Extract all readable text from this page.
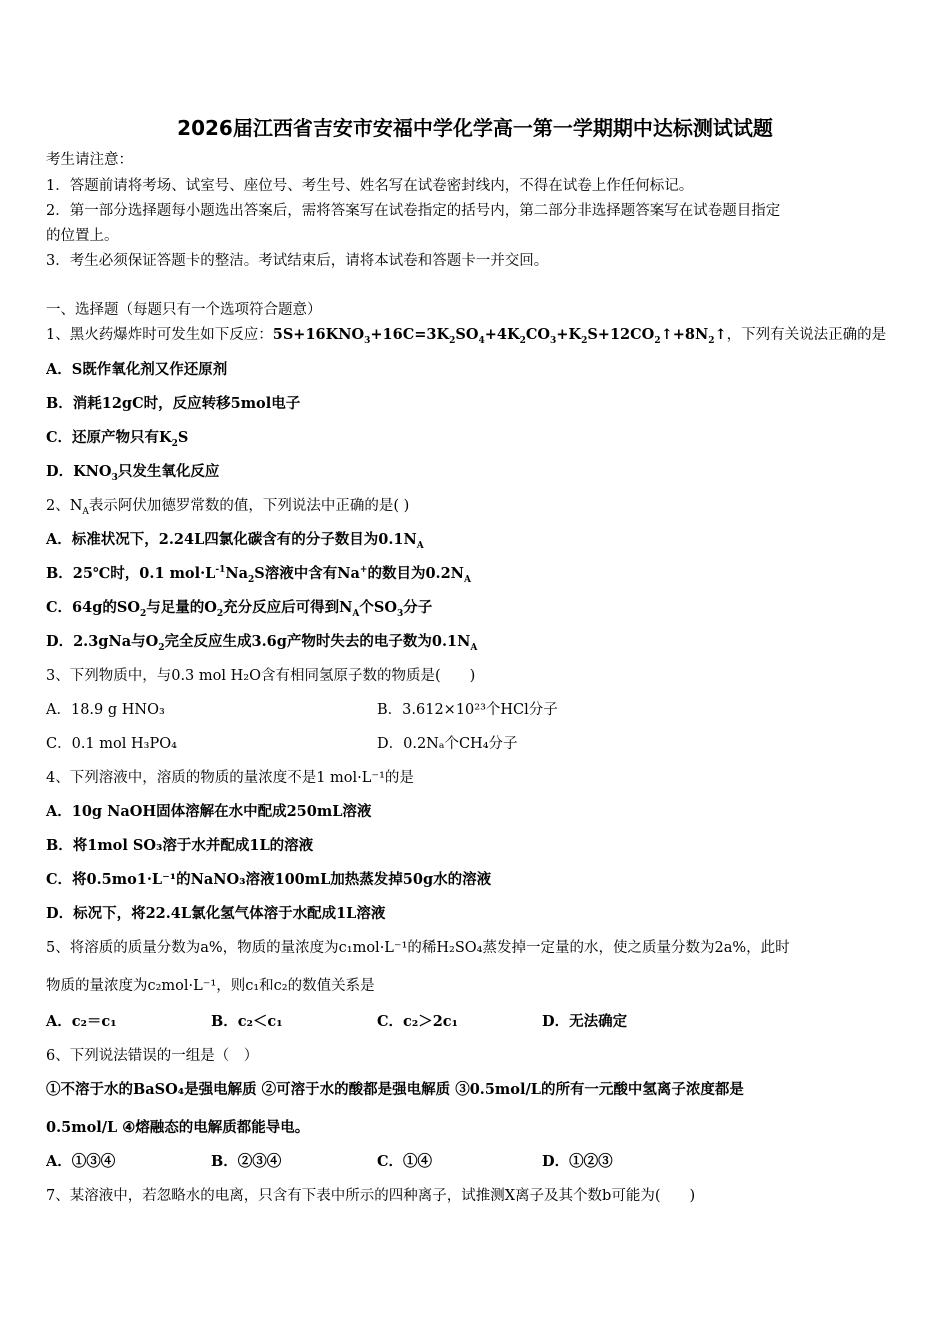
2026届江西省吉安市安福中学化学高一第一学期期中达标测试试题
考生请注意：
1．答题前请将考场、试室号、座位号、考生号、姓名写在试卷密封线内，不得在试卷上作任何标记。
2．第一部分选择题每小题选出答案后，需将答案写在试卷指定的括号内，第二部分非选择题答案写在试卷题目指定
的位置上。
3．考生必须保证答题卡的整洁。考试结束后，请将本试卷和答题卡一并交回。
一、选择题（每题只有一个选项符合题意）
1、黑火药爆炸时可发生如下反应：$5S+16KNO_3+16C=3K_2SO_4+4K_2CO_3+K_2S+12CO_2↑+8N_2↑$，下列有关说法正确的是
A．S既作氧化剂又作还原剂
B．消耗12gC时，反应转移5mol电子
C．还原产物只有$K_2S$
D．$KNO_3$只发生氧化反应
2、$N_A$表示阿伏加德罗常数的值，下列说法中正确的是( )
A．标准状况下，2.24L四氯化碳含有的分子数目为$0.1N_A$
B．25℃时，0.1 $mol\cdot L^{-1}Na_2S$溶液中含有Na+的数目为$0.2N_A$
C．64g的$SO_2$与足量的$O_2$充分反应后可得到$N_A$个$SO_3$分子
D．2.3gNa与$O_2$完全反应生成3.6g产物时失去的电子数为$0.1N_A$
3、下列物质中，与0.3 mol H₂O含有相同氢原子数的物质是(　　)
A．18.9 g HNO₃	B．3.612×10²³个HCl分子
C．0.1 mol H₃PO₄	D．0.2Nₐ个CH₄分子
4、下列溶液中，溶质的物质的量浓度不是1 mol·L⁻¹的是
A．10g NaOH固体溶解在水中配成250mL溶液
B．将1mol SO₃溶于水并配成1L的溶液
C．将0.5mo1·L⁻¹的NaNO₃溶液100mL加热蒸发掉50g水的溶液
D．标况下，将22.4L氯化氢气体溶于水配成1L溶液
5、将溶质的质量分数为a%，物质的量浓度为c₁mol·L⁻¹的稀H₂SO₄蒸发掉一定量的水，使之质量分数为2a%，此时
物质的量浓度为c₂mol·L⁻¹，则c₁和c₂的数值关系是
A．c₂＝c₁	B．c₂＜c₁	C．c₂＞2c₁	D．无法确定
6、下列说法错误的一组是（　）
①不溶于水的BaSO₄是强电解质 ②可溶于水的酸都是强电解质 ③0.5mol/L的所有一元酸中氢离子浓度都是
0.5mol/L ④熔融态的电解质都能导电。
A．①③④	B．②③④	C．①④	D．①②③
7、某溶液中，若忽略水的电离，只含有下表中所示的四种离子，试推测X离子及其个数b可能为(　　)
